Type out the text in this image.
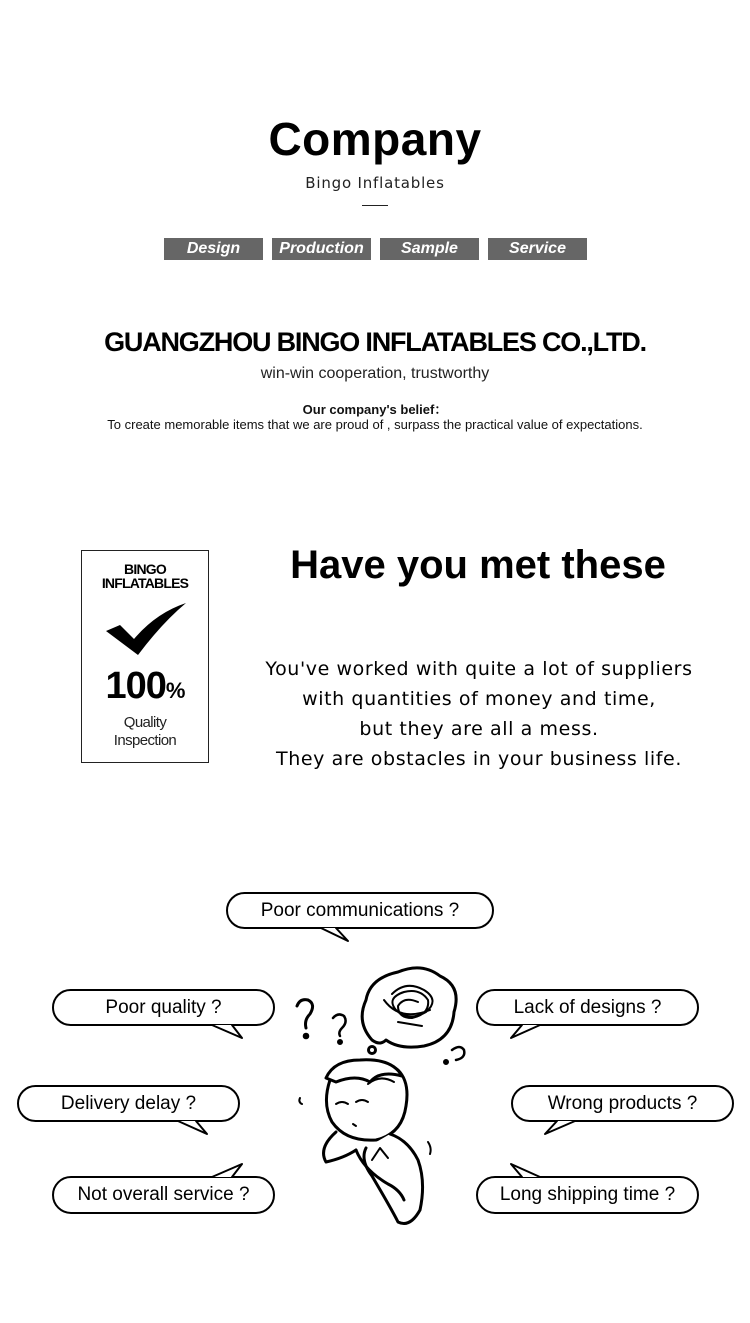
Company
Bingo Inflatables
Design	Production	Sample	Service
GUANGZHOU BINGO INFLATABLES CO.,LTD.
win-win cooperation, trustworthy
Our company's belief：
To create memorable items that we are proud of , surpass the practical value of expectations.
BINGO
INFLATABLES
100%
Quality
Inspection
Have you met these
You've worked with quite a lot of suppliers
with quantities of money and time,
but they are all a mess.
They are obstacles in your business life.
Poor communications ?
Poor quality ?	Lack of designs ?
Delivery delay ?	Wrong products ?
Not overall service ?	Long shipping time ?
